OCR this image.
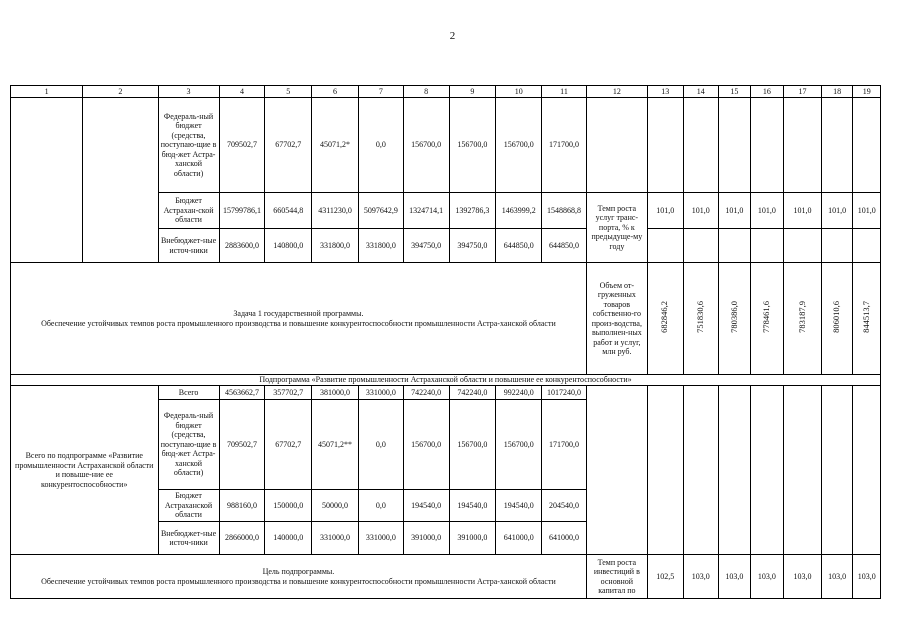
2
1	2	3	4	5	6	7	8	9	10	11	12	13	14	15	16	17	18	19
		Федераль-ный бюджет (средства, поступаю-щие в бюд-жет Астра-ханской области)	709502,7	67702,7	45071,2*	0,0	156700,0	156700,0	156700,0	171700,0								
		Бюджет Астрахан-ской области	15799786,1	660544,8	4311230,0	5097642,9	1324714,1	1392786,3	1463999,2	1548868,8	Темп роста услуг транс-порта, % к предыдуще-му году	101,0	101,0	101,0	101,0	101,0	101,0	101,0
		Внебюджет-ные источ-ники	2883600,0	140800,0	331800,0	331800,0	394750,0	394750,0	644850,0	644850,0								

Задача 1 государственной программы.
Обеспечение устойчивых темпов роста промышленного производства и повышение конкурентоспособности промышленности Астра-ханской области											Объем от-груженных товаров собственно-го произ-водства, выполнен-ных работ и услуг, млн руб.	682846,2	751830,6	780386,0	778461,6	783187,9	806010,6	844513,7
Подпрограмма «Развитие промышленности Астраханской области и повышение ее конкурентоспособности»																		
Всего по подпрограмме «Развитие промышленности Астраханской области и повыше-ние ее конкурентоспособности»		Всего	4563662,7	357702,7	381000,0	331000,0	742240,0	742240,0	992240,0	1017240,0								
		Федераль-ный бюджет (средства, поступаю-щие в бюд-жет Астра-ханской области)	709502,7	67702,7	45071,2**	0,0	156700,0	156700,0	156700,0	171700,0								
		Бюджет Астраханской области	988160,0	150000,0	50000,0	0,0	194540,0	194540,0	194540,0	204540,0								
		Внебюджет-ные источ-ники	2866000,0	140000,0	331000,0	331000,0	391000,0	391000,0	641000,0	641000,0								

Цель подпрограммы.
Обеспечение устойчивых темпов роста промышленного производства и повышение конкурентоспособности промышленности Астра-ханской области											Темп роста инвестиций в основной капитал по	102,5	103,0	103,0	103,0	103,0	103,0	103,0
